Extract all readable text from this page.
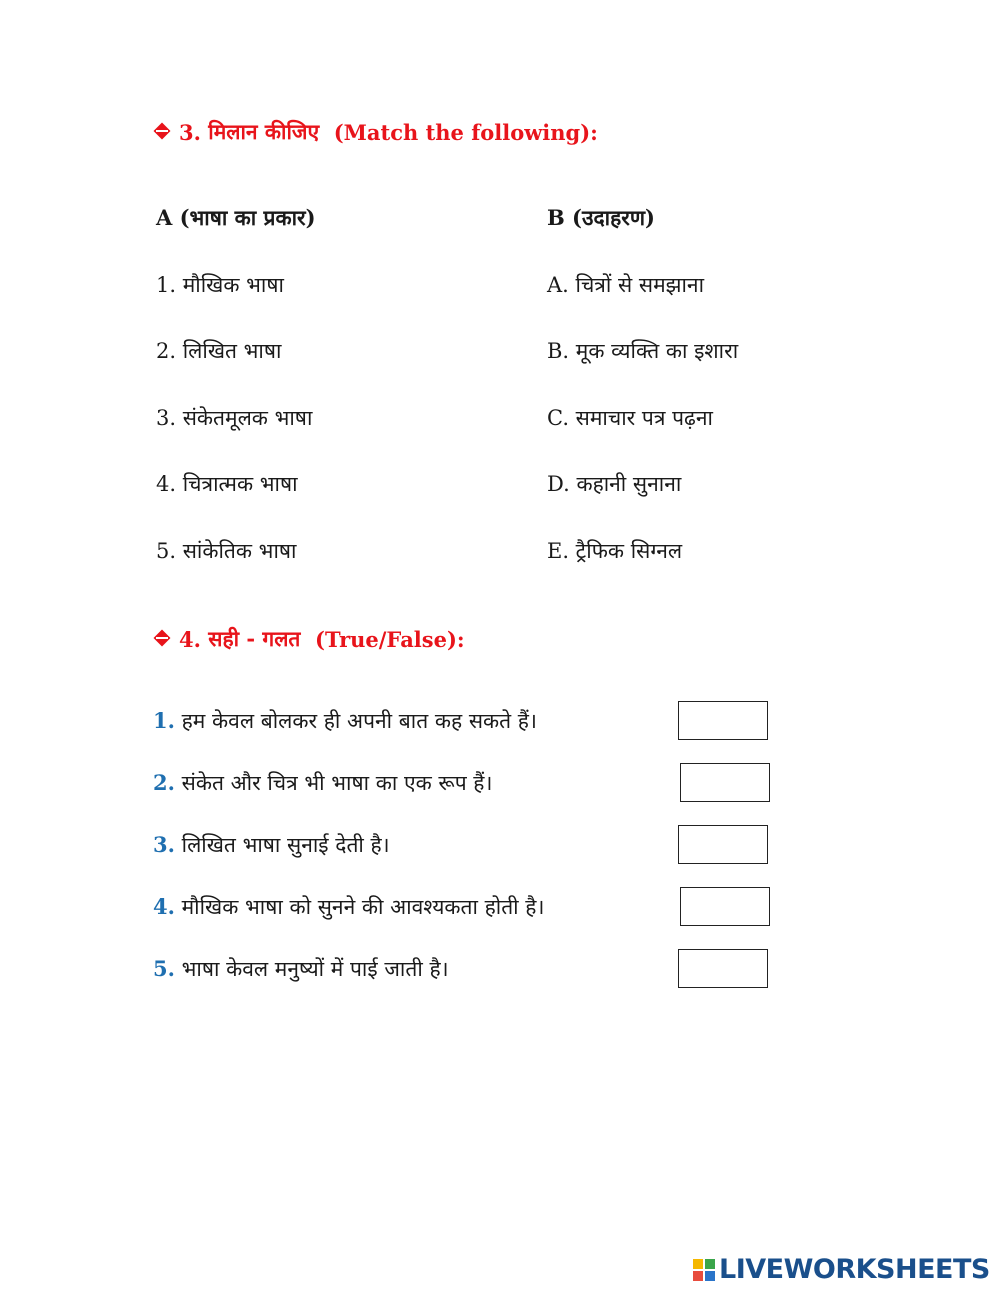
3.
मिलान कीजिए
(Match the following):
A (भाषा का प्रकार)	B (उदाहरण)
1. मौखिक भाषा
2. लिखित भाषा
3. संकेतमूलक भाषा
4. चित्रात्मक भाषा
5. सांकेतिक भाषा
A. चित्रों से समझाना
B. मूक व्यक्ति का इशारा
C. समाचार पत्र पढ़ना
D. कहानी सुनाना
E. ट्रैफिक सिग्नल
4.
सही - गलत
(True/False):
1. हम केवल बोलकर ही अपनी बात कह सकते हैं।
2. संकेत और चित्र भी भाषा का एक रूप हैं।
3. लिखित भाषा सुनाई देती है।
4. मौखिक भाषा को सुनने की आवश्यकता होती है।
5. भाषा केवल मनुष्यों में पाई जाती है।
LIVEWORKSHEETS
